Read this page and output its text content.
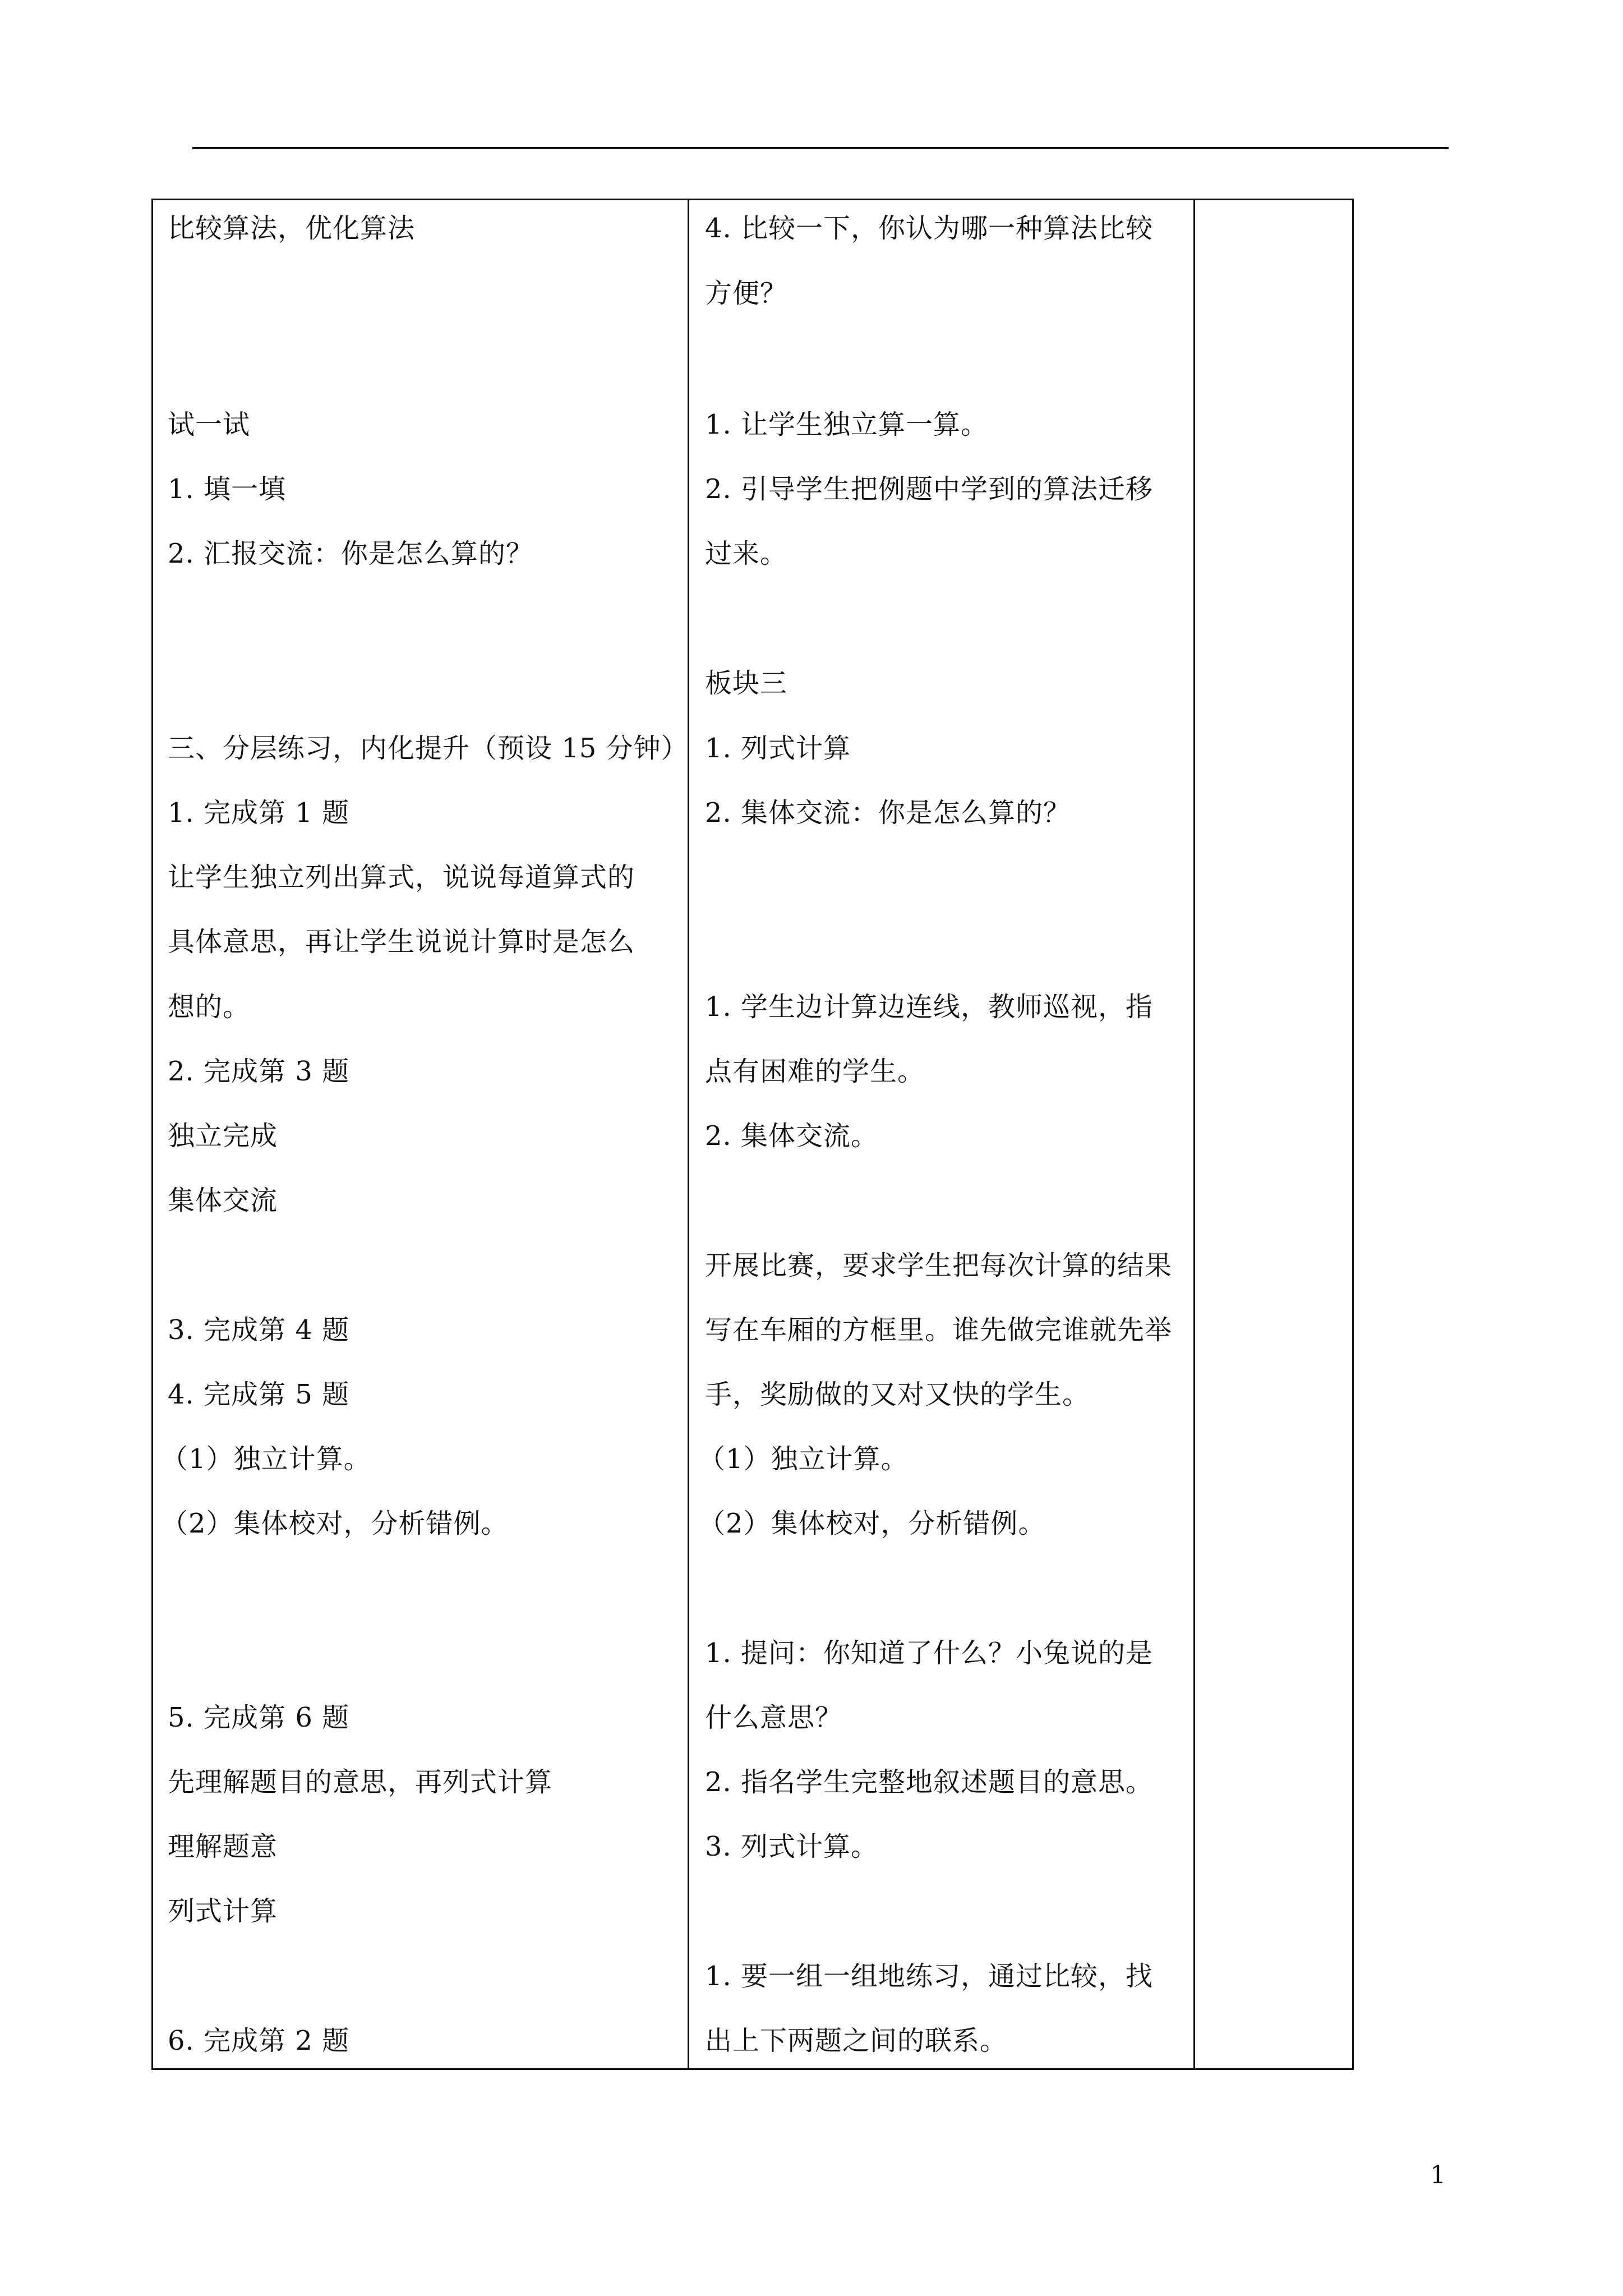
比较算法，优化算法
试一试
1. 填一填
2. 汇报交流：你是怎么算的？
三、分层练习，内化提升（预设 15 分钟）
1. 完成第 1 题
让学生独立列出算式，说说每道算式的
具体意思，再让学生说说计算时是怎么
想的。
2. 完成第 3 题
独立完成
集体交流
3. 完成第 4 题
4. 完成第 5 题
（1）独立计算。
（2）集体校对，分析错例。
5. 完成第 6 题
先理解题目的意思，再列式计算
理解题意
列式计算
6. 完成第 2 题
4. 比较一下，你认为哪一种算法比较
方便？
1. 让学生独立算一算。
2. 引导学生把例题中学到的算法迁移
过来。
板块三
1. 列式计算
2. 集体交流：你是怎么算的？
1. 学生边计算边连线，教师巡视，指
点有困难的学生。
2. 集体交流。
开展比赛，要求学生把每次计算的结果
写在车厢的方框里。谁先做完谁就先举
手，奖励做的又对又快的学生。
（1）独立计算。
（2）集体校对，分析错例。
1. 提问：你知道了什么？小兔说的是
什么意思？
2. 指名学生完整地叙述题目的意思。
3. 列式计算。
1. 要一组一组地练习，通过比较，找
出上下两题之间的联系。
1
